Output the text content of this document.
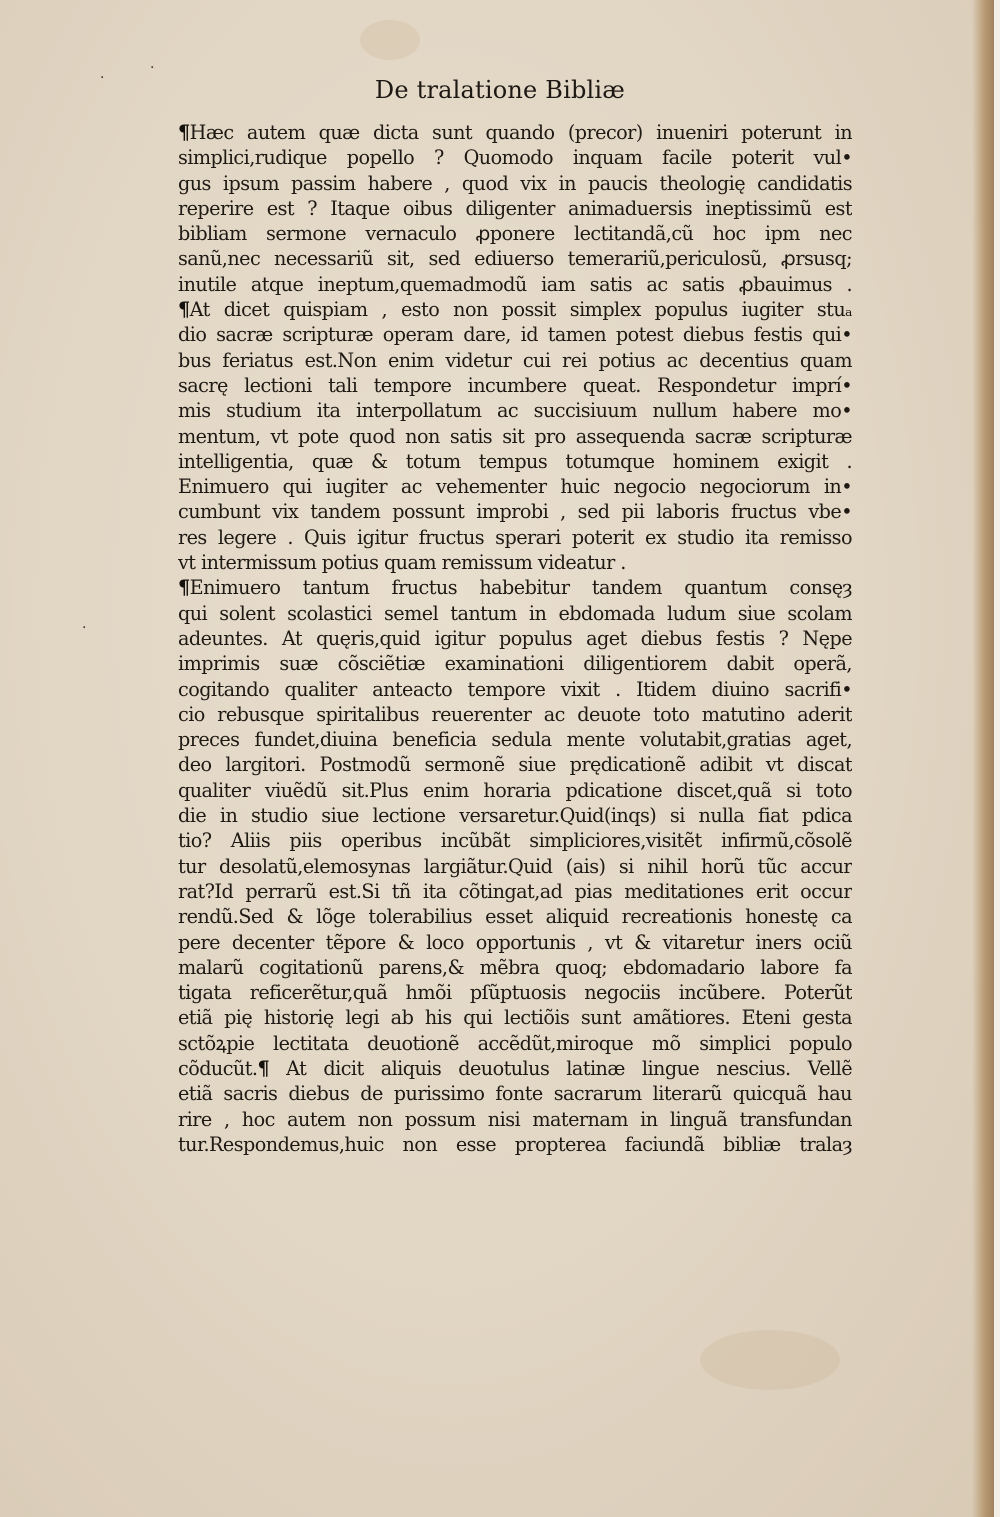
·
·
·
De tralatione Bibliæ
¶Hæc autem quæ dicta sunt quando (precor) inueniri poterunt in
simplici,rudique popello ? Quomodo inquam facile poterit vul•
gus ipsum passim habere , quod vix in paucis theologię candidatis
reperire est ? Itaque oibus diligenter animaduersis ineptissimũ est
bibliam sermone vernaculo ꝓponere lectitandã,cũ hoc ipm nec
sanũ,nec necessariũ sit, sed ediuerso temerariũ,periculosũ, ꝓrsusq;
inutile atque ineptum,quemadmodũ iam satis ac satis ꝓbauimus .
¶At dicet quispiam , esto non possit simplex populus iugiter stuₐ
dio sacræ scripturæ operam dare, id tamen potest diebus festis qui•
bus feriatus est.Non enim videtur cui rei potius ac decentius quam
sacrę lectioni tali tempore incumbere queat. Respondetur imprí•
mis studium ita interpollatum ac succisiuum nullum habere mo•
mentum, vt pote quod non satis sit pro assequenda sacræ scripturæ
intelligentia, quæ & totum tempus totumque hominem exigit .
Enimuero qui iugiter ac vehementer huic negocio negociorum in•
cumbunt vix tandem possunt improbi , sed pii laboris fructus vbe•
res legere . Quis igitur fructus sperari poterit ex studio ita remisso
vt intermissum potius quam remissum videatur .
¶Enimuero tantum fructus habebitur tandem quantum consęȝ
qui solent scolastici semel tantum in ebdomada ludum siue scolam
adeuntes. At quęris,quid igitur populus aget diebus festis ? Nępe
imprimis suæ cõsciẽtiæ examinationi diligentiorem dabit operã,
cogitando qualiter anteacto tempore vixit . Itidem diuino sacrifi•
cio rebusque spiritalibus reuerenter ac deuote toto matutino aderit
preces fundet,diuina beneficia sedula mente volutabit,gratias aget,
deo largitori. Postmodũ sermonẽ siue prędicationẽ adibit vt discat
qualiter viuẽdũ sit.Plus enim horaria pdicatione discet,quã si toto
die in studio siue lectione versaretur.Quid(inqs) si nulla fiat pdica
tio? Aliis piis operibus incũbãt simpliciores,visitẽt infirmũ,cõsolẽ
tur desolatũ,elemosynas largiãtur.Quid (ais) si nihil horũ tũc accur
rat?Id perrarũ est.Si tñ ita cõtingat,ad pias meditationes erit occur
rendũ.Sed & lõge tolerabilius esset aliquid recreationis honestę ca
pere decenter tẽpore & loco opportunis , vt & vitaretur iners ociũ
malarũ cogitationũ parens,& mẽbra quoq; ebdomadario labore fa
tigata reficerẽtur,quã hmõi pſũptuosis negociis incũbere. Poterũt
etiã pię historię legi ab his qui lectiõis sunt amãtiores. Eteni gesta
sctõꝝpie lectitata deuotionẽ accẽdũt,miroque mõ simplici populo
cõducũt.¶ At dicit aliquis deuotulus latinæ lingue nescius. Vellẽ
etiã sacris diebus de purissimo fonte sacrarum literarũ quicquã hau
rire , hoc autem non possum nisi maternam in linguã transfundan
tur.Respondemus,huic non esse propterea faciundã bibliæ tralaȝ
